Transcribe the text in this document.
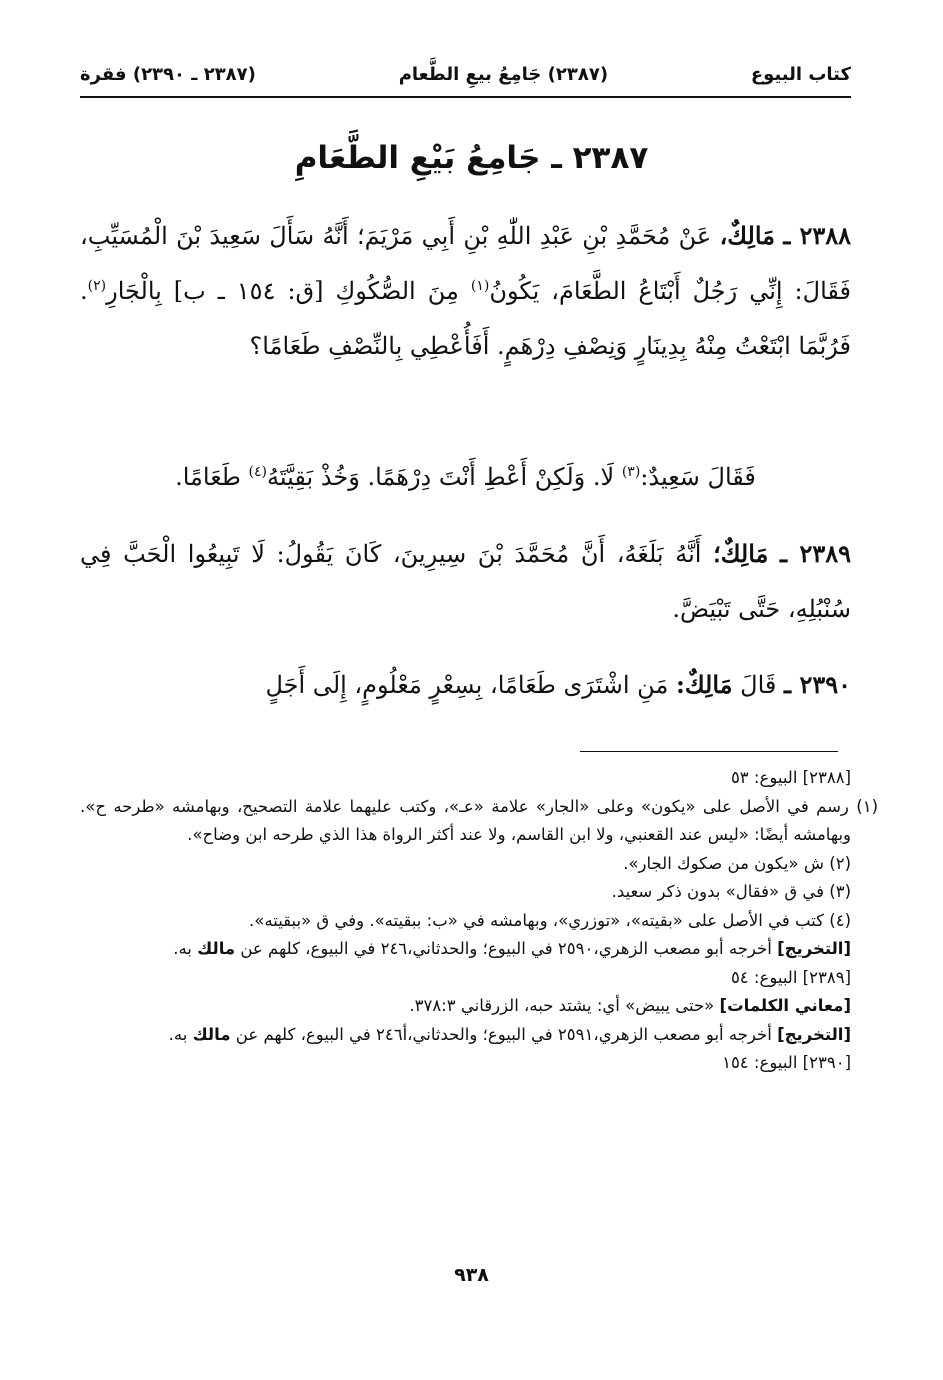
كتاب البيوع
(٢٣٨٧) جَامِعُ بيعِ الطَّعام
(٢٣٨٧ ـ ٢٣٩٠) فقرة
٢٣٨٧ ـ جَامِعُ بَيْعِ الطَّعَامِ
٢٣٨٨ ـ مَالِكٌ، عَنْ مُحَمَّدِ بْنِ عَبْدِ اللّٰهِ بْنِ أَبِي مَرْيَمَ؛ أَنَّهُ سَأَلَ سَعِيدَ بْنَ الْمُسَيِّبِ، فَقَالَ: إِنِّي رَجُلٌ أَبْتَاعُ الطَّعَامَ، يَكُونُ$^{(١)}$ مِنَ الصُّكُوكِ [ق: ١٥٤ ـ ب] بِالْجَارِ$^{(٢)}$. فَرُبَّمَا ابْتَعْتُ مِنْهُ بِدِينَارٍ وَنِصْفِ دِرْهَمٍ. أَفَأُعْطِي بِالنِّصْفِ طَعَامًا؟
فَقَالَ سَعِيدٌ:$^{(٣)}$ لَا. وَلَكِنْ أَعْطِ أَنْتَ دِرْهَمًا. وَخُذْ بَقِيَّتَهُ$^{(٤)}$ طَعَامًا.
٢٣٨٩ ـ مَالِكٌ؛ أَنَّهُ بَلَغَهُ، أَنَّ مُحَمَّدَ بْنَ سِيرِينَ، كَانَ يَقُولُ: لَا تَبِيعُوا الْحَبَّ فِي سُنْبُلِهِ، حَتَّى تَبْيَضَّ.
٢٣٩٠ ـ قَالَ مَالِكٌ: مَنِ اشْتَرَى طَعَامًا، بِسِعْرٍ مَعْلُومٍ، إِلَى أَجَلٍ
[٢٣٨٨] البيوع: ٥٣
(١) رسم في الأصل على «يكون» وعلى «الجار» علامة «عـ»، وكتب عليهما علامة التصحيح، وبهامشه «طرحه ح». وبهامشه أيضًا: «ليس عند القعنبي، ولا ابن القاسم، ولا عند أكثر الرواة هذا الذي طرحه ابن وضاح».
(٢) ش «يكون من صكوك الجار».
(٣) في ق «فقال» بدون ذكر سعيد.
(٤) كتب في الأصل على «بقيته»، «توزري»، وبهامشه في «ب: ببقيته». وفي ق «ببقيته».
[التخريج] أخرجه أبو مصعب الزهري،٢٥٩٠ في البيوع؛ والحدثاني،٢٤٦ في البيوع، كلهم عن مالك به.
[٢٣٨٩] البيوع: ٥٤
[معاني الكلمات] «حتى يبيض» أي: يشتد حبه، الزرقاني ٣٧٨:٣.
[التخريج] أخرجه أبو مصعب الزهري،٢٥٩١ في البيوع؛ والحدثاني،أ٢٤٦ في البيوع، كلهم عن مالك به.
[٢٣٩٠] البيوع: ١٥٤
٩٣٨
